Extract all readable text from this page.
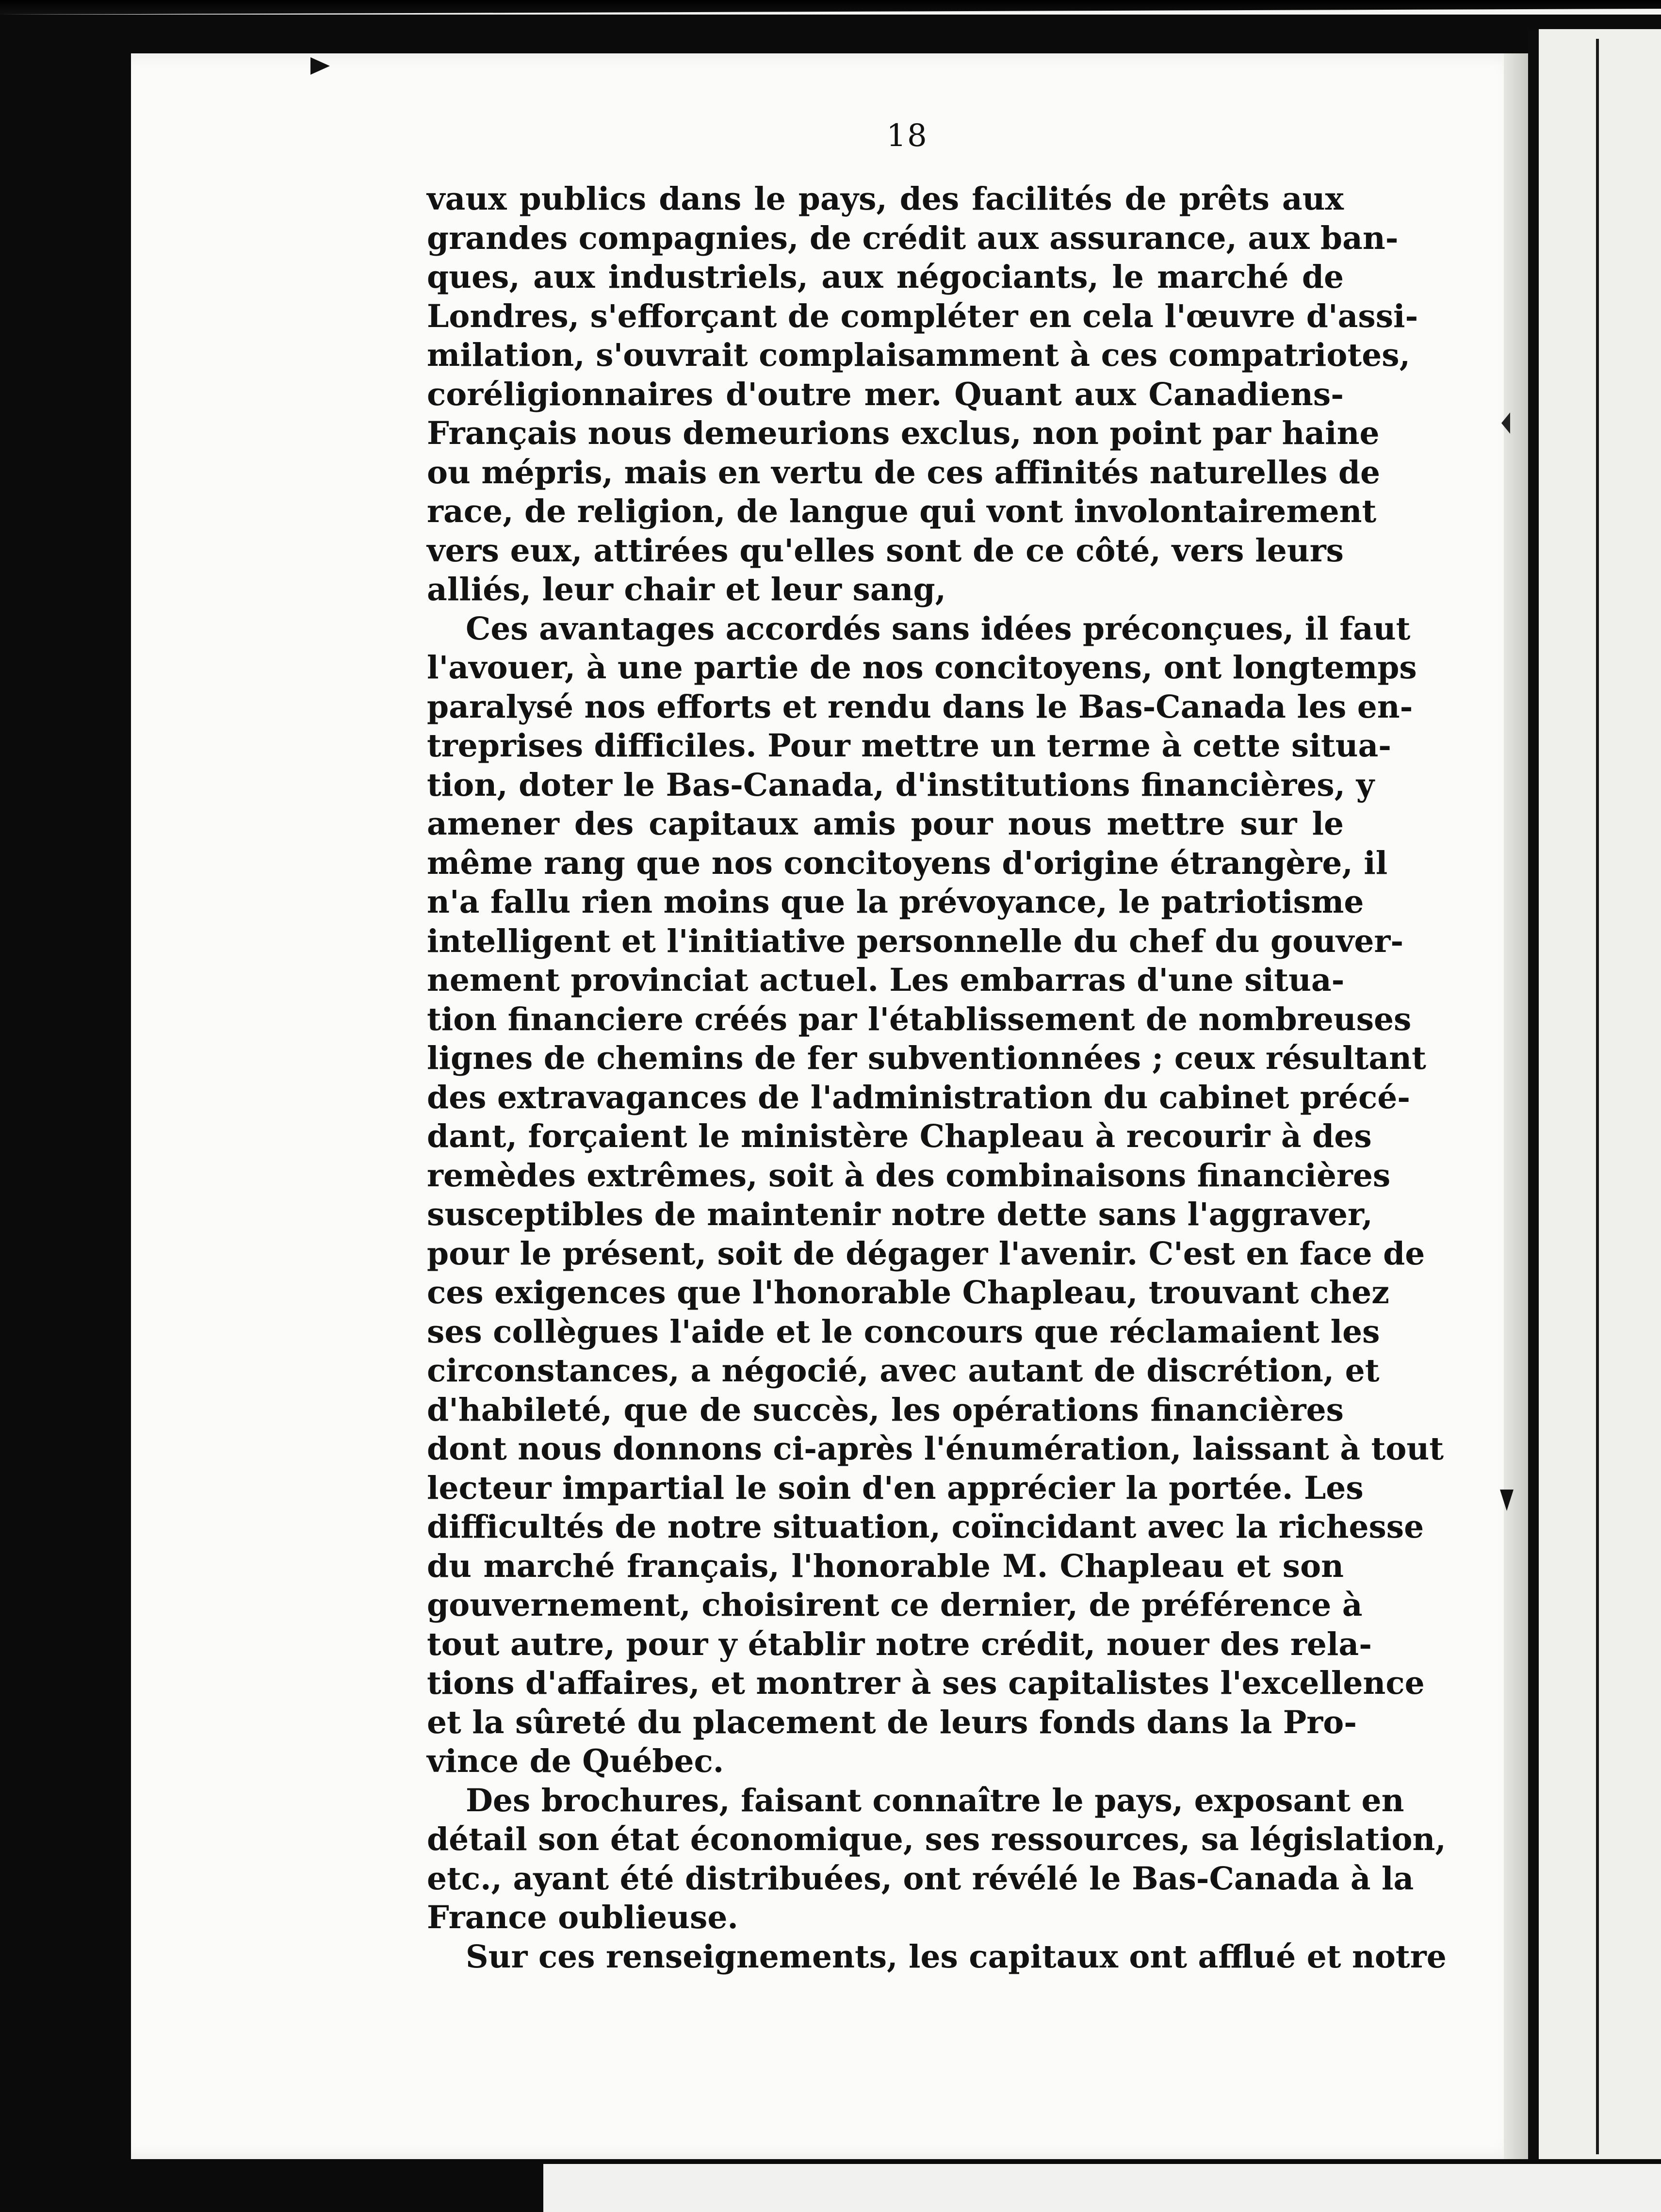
18
vaux publics dans le pays, des facilités de prêts aux
grandes compagnies, de crédit aux assurance, aux ban-
ques, aux industriels, aux négociants, le marché de
Londres, s'efforçant de compléter en cela l'œuvre d'assi-
milation, s'ouvrait complaisamment à ces compatriotes,
coréligionnaires d'outre mer. Quant aux Canadiens-
Français nous demeurions exclus, non point par haine
ou mépris, mais en vertu de ces affinités naturelles de
race, de religion, de langue qui vont involontairement
vers eux, attirées qu'elles sont de ce côté, vers leurs
alliés, leur chair et leur sang,
Ces avantages accordés sans idées préconçues, il faut
l'avouer, à une partie de nos concitoyens, ont longtemps
paralysé nos efforts et rendu dans le Bas-Canada les en-
treprises difficiles. Pour mettre un terme à cette situa-
tion, doter le Bas-Canada, d'institutions financières, y
amener des capitaux amis pour nous mettre sur le
même rang que nos concitoyens d'origine étrangère, il
n'a fallu rien moins que la prévoyance, le patriotisme
intelligent et l'initiative personnelle du chef du gouver-
nement provinciat actuel. Les embarras d'une situa-
tion financiere créés par l'établissement de nombreuses
lignes de chemins de fer subventionnées ; ceux résultant
des extravagances de l'administration du cabinet précé-
dant, forçaient le ministère Chapleau à recourir à des
remèdes extrêmes, soit à des combinaisons financières
susceptibles de maintenir notre dette sans l'aggraver,
pour le présent, soit de dégager l'avenir. C'est en face de
ces exigences que l'honorable Chapleau, trouvant chez
ses collègues l'aide et le concours que réclamaient les
circonstances, a négocié, avec autant de discrétion, et
d'habileté, que de succès, les opérations financières
dont nous donnons ci-après l'énumération, laissant à tout
lecteur impartial le soin d'en apprécier la portée. Les
difficultés de notre situation, coïncidant avec la richesse
du marché français, l'honorable M. Chapleau et son
gouvernement, choisirent ce dernier, de préférence à
tout autre, pour y établir notre crédit, nouer des rela-
tions d'affaires, et montrer à ses capitalistes l'excellence
et la sûreté du placement de leurs fonds dans la Pro-
vince de Québec.
Des brochures, faisant connaître le pays, exposant en
détail son état économique, ses ressources, sa législation,
etc., ayant été distribuées, ont révélé le Bas-Canada à la
France oublieuse.
Sur ces renseignements, les capitaux ont afflué et notre
